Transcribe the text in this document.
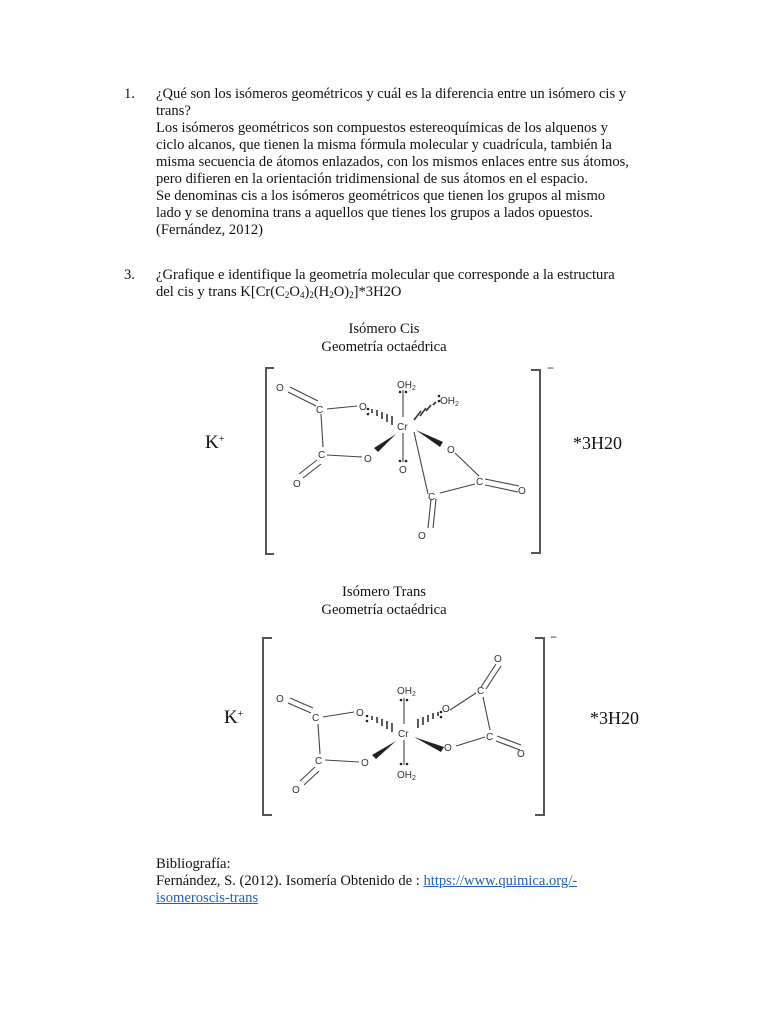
1.	¿Qué son los isómeros geométricos y cuál es la diferencia entre un isómero cis y
trans?
Los isómeros geométricos son compuestos estereoquímicas de los alquenos y
ciclo alcanos, que tienen la misma fórmula molecular y cuadrícula, también la
misma secuencia de átomos enlazados, con los mismos enlaces entre sus átomos,
pero difieren en la orientación tridimensional de sus átomos en el espacio.
Se denominas cis a los isómeros geométricos que tienen los grupos al mismo
lado y se denomina trans a aquellos que tienes los grupos a lados opuestos.
(Fernández, 2012)
3.	¿Grafique e identifique la geometría molecular que corresponde a la estructura
del cis y trans $K[Cr(C_2O_4)_2(H_2O)_2]*3H2O$
Isómero Cis
Geometría octaédrica
K+	*3H20
−
O
C	O
C	O
O
Cr
$OH_2$
$OH_2$
O
O
C
O
C
O
Isómero Trans
Geometría octaédrica
K+	*3H20
−
O
C	O
C	O
O
Cr
$OH_2$
$OH_2$
O
O
C
O
C
O
Bibliografía:
Fernández, S. (2012). Isomería Obtenido de : https://www.quimica.org/-
isomeroscis-trans
